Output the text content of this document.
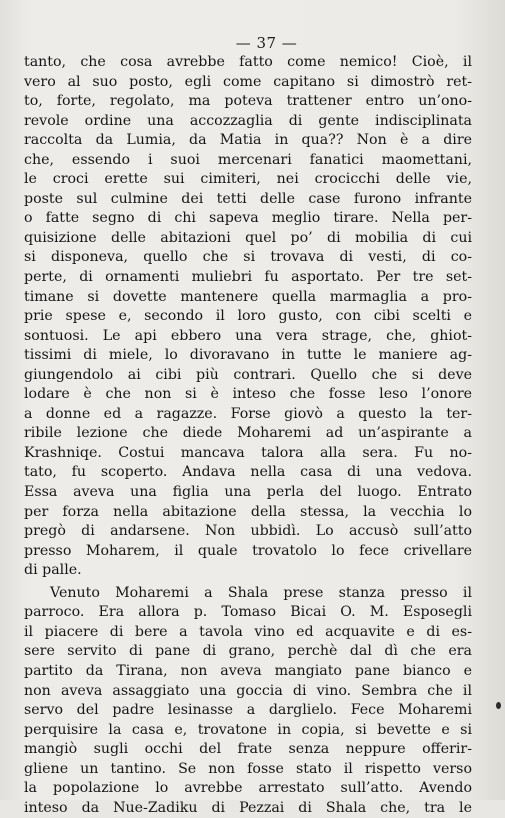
— 37 —
tanto, che cosa avrebbe fatto come nemico! Cioè, il
vero al suo posto, egli come capitano si dimostrò ret-
to, forte, regolato, ma poteva trattener entro un’ono-
revole ordine una accozzaglia di gente indisciplinata
raccolta da Lumia, da Matia in qua?? Non è a dire
che, essendo i suoi mercenari fanatici maomettani,
le croci erette sui cimiteri, nei crocicchi delle vie,
poste sul culmine dei tetti delle case furono infrante
o fatte segno di chi sapeva meglio tirare. Nella per-
quisizione delle abitazioni quel po’ di mobilia di cui
si disponeva, quello che si trovava di vesti, di co-
perte, di ornamenti muliebri fu asportato. Per tre set-
timane si dovette mantenere quella marmaglia a pro-
prie spese e, secondo il loro gusto, con cibi scelti e
sontuosi. Le api ebbero una vera strage, che, ghiot-
tissimi di miele, lo divoravano in tutte le maniere ag-
giungendolo ai cibi più contrari. Quello che si deve
lodare è che non si è inteso che fosse leso l’onore
a donne ed a ragazze. Forse giovò a questo la ter-
ribile lezione che diede Moharemi ad un’aspirante a
Krashniqe. Costui mancava talora alla sera. Fu no-
tato, fu scoperto. Andava nella casa di una vedova.
Essa aveva una figlia una perla del luogo. Entrato
per forza nella abitazione della stessa, la vecchia lo
pregò di andarsene. Non ubbidì. Lo accusò sull’atto
presso Moharem, il quale trovatolo lo fece crivellare
di palle.
Venuto Moharemi a Shala prese stanza presso il
parroco. Era allora p. Tomaso Bicai O. M. Esposegli
il piacere di bere a tavola vino ed acquavite e di es-
sere servito di pane di grano, perchè dal dì che era
partito da Tirana, non aveva mangiato pane bianco e
non aveva assaggiato una goccia di vino. Sembra che il
servo del padre lesinasse a darglielo. Fece Moharemi
perquisire la casa e, trovatone in copia, si bevette e si
mangiò sugli occhi del frate senza neppure offerir-
gliene un tantino. Se non fosse stato il rispetto verso
la popolazione lo avrebbe arrestato sull’atto. Avendo
inteso da Nue-Zadiku di Pezzai di Shala che, tra le
